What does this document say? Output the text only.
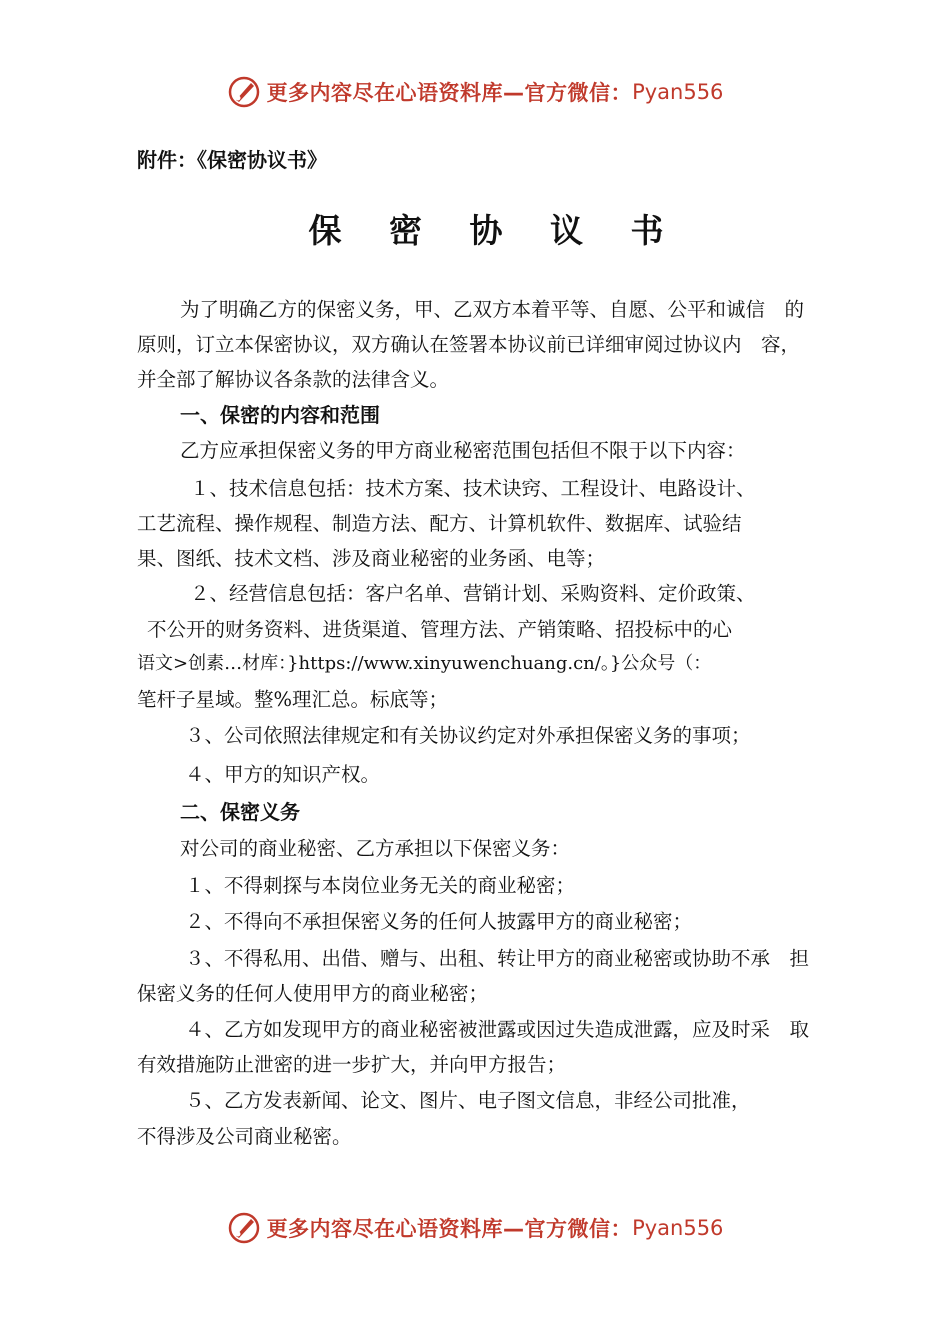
更多内容尽在心语资料库—官方微信： Pyan556
附件：《保密协议书》
保 密 协 议 书
为了明确乙方的保密义务，甲、乙双方本着平等、自愿、公平和诚信　的
原则，订立本保密协议，双方确认在签署本协议前已详细审阅过协议内　容，
并全部了解协议各条款的法律含义。
一、保密的内容和范围
乙方应承担保密义务的甲方商业秘密范围包括但不限于以下内容：
１、技术信息包括：技术方案、技术诀窍、工程设计、电路设计、
工艺流程、操作规程、制造方法、配方、计算机软件、数据库、试验结
果、图纸、技术文档、涉及商业秘密的业务函、电等；
２、经营信息包括：客户名单、营销计划、采购资料、定价政策、
不公开的财务资料、进货渠道、管理方法、产销策略、招投标中的心
语文>创素…材库：}https://www.xinyuwenchuang.cn/。}公众号（：
笔杆子星域。整%理汇总。标底等；
３、公司依照法律规定和有关协议约定对外承担保密义务的事项；
４、甲方的知识产权。
二、保密义务
对公司的商业秘密、乙方承担以下保密义务：
１、不得刺探与本岗位业务无关的商业秘密；
２、不得向不承担保密义务的任何人披露甲方的商业秘密；
３、不得私用、出借、赠与、出租、转让甲方的商业秘密或协助不承　担
保密义务的任何人使用甲方的商业秘密；
４、乙方如发现甲方的商业秘密被泄露或因过失造成泄露，应及时采　取
有效措施防止泄密的进一步扩大，并向甲方报告；
５、乙方发表新闻、论文、图片、电子图文信息，非经公司批准，
不得涉及公司商业秘密。
更多内容尽在心语资料库—官方微信： Pyan556
